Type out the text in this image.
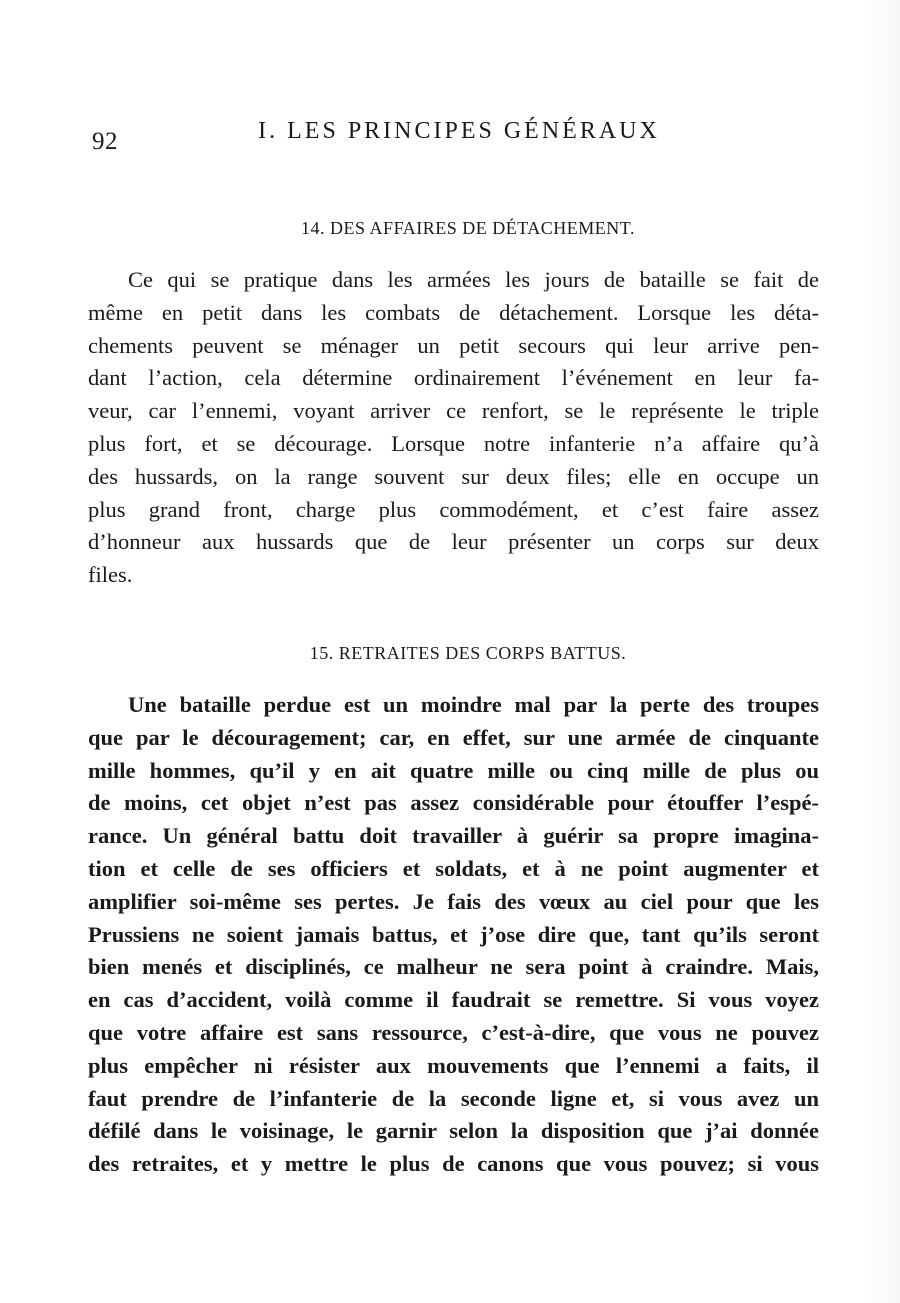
92	I. LES PRINCIPES GÉNÉRAUX
14. DES AFFAIRES DE DÉTACHEMENT.
Ce qui se pratique dans les armées les jours de bataille se fait de
même en petit dans les combats de détachement. Lorsque les déta-
chements peuvent se ménager un petit secours qui leur arrive pen-
dant l’action, cela détermine ordinairement l’événement en leur fa-
veur, car l’ennemi, voyant arriver ce renfort, se le représente le triple
plus fort, et se décourage. Lorsque notre infanterie n’a affaire qu’à
des hussards, on la range souvent sur deux files; elle en occupe un
plus grand front, charge plus commodément, et c’est faire assez
d’honneur aux hussards que de leur présenter un corps sur deux
files.
15. RETRAITES DES CORPS BATTUS.
Une bataille perdue est un moindre mal par la perte des troupes
que par le découragement; car, en effet, sur une armée de cinquante
mille hommes, qu’il y en ait quatre mille ou cinq mille de plus ou
de moins, cet objet n’est pas assez considérable pour étouffer l’espé-
rance. Un général battu doit travailler à guérir sa propre imagina-
tion et celle de ses officiers et soldats, et à ne point augmenter et
amplifier soi-même ses pertes. Je fais des vœux au ciel pour que les
Prussiens ne soient jamais battus, et j’ose dire que, tant qu’ils seront
bien menés et disciplinés, ce malheur ne sera point à craindre. Mais,
en cas d’accident, voilà comme il faudrait se remettre. Si vous voyez
que votre affaire est sans ressource, c’est-à-dire, que vous ne pouvez
plus empêcher ni résister aux mouvements que l’ennemi a faits, il
faut prendre de l’infanterie de la seconde ligne et, si vous avez un
défilé dans le voisinage, le garnir selon la disposition que j’ai donnée
des retraites, et y mettre le plus de canons que vous pouvez; si vous
